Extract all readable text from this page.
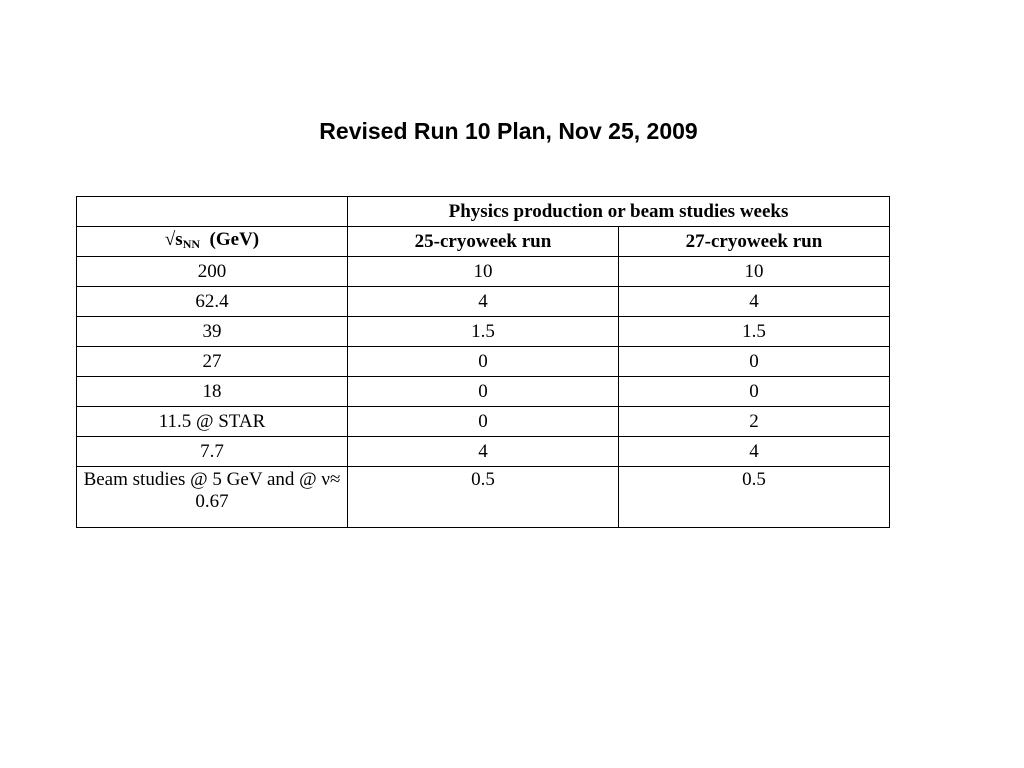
Revised Run 10 Plan, Nov 25, 2009
	Physics production or beam studies weeks	
$√s_{NN}$ (GeV)	25-cryoweek run	27-cryoweek run
200	10	10
62.4	4	4
39	1.5	1.5
27	0	0
18	0	0
11.5 @ STAR	0	2
7.7	4	4
Beam studies @ 5 GeV and @ ν≈ 0.67	0.5	0.5
